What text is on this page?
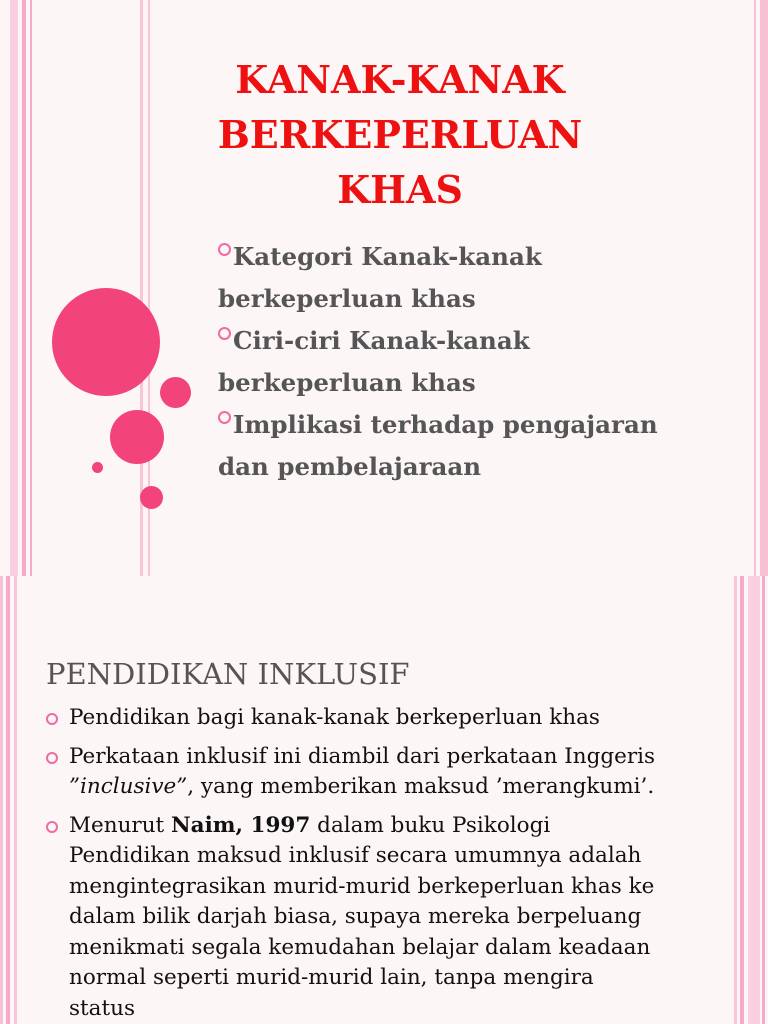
KANAK-KANAK
BERKEPERLUAN
KHAS
Kategori Kanak-kanak
berkeperluan khas
Ciri-ciri Kanak-kanak
berkeperluan khas
Implikasi terhadap pengajaran
dan pembelajaraan
PENDIDIKAN INKLUSIF
Pendidikan bagi kanak-kanak berkeperluan khas
Perkataan inklusif ini diambil dari perkataan Inggeris
”inclusive”, yang memberikan maksud ’merangkumi’.
Menurut Naim, 1997 dalam buku Psikologi
Pendidikan maksud inklusif secara umumnya adalah
mengintegrasikan murid-murid berkeperluan khas ke
dalam bilik darjah biasa, supaya mereka berpeluang
menikmati segala kemudahan belajar dalam keadaan
normal seperti murid-murid lain, tanpa mengira
status
